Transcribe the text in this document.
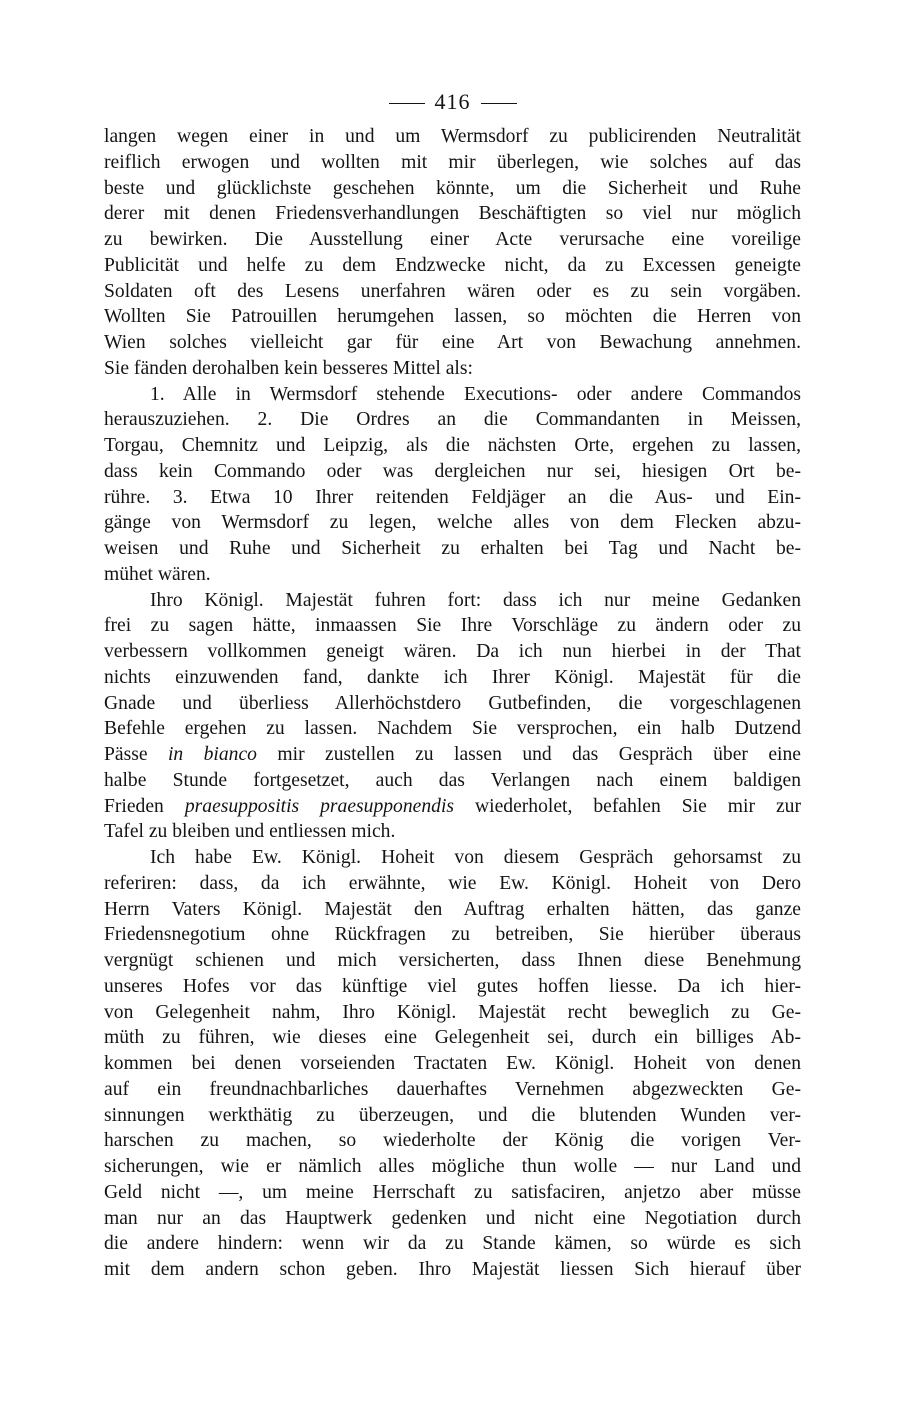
416
langen wegen einer in und um Wermsdorf zu publicirenden Neutralität
reiflich erwogen und wollten mit mir überlegen, wie solches auf das
beste und glücklichste geschehen könnte, um die Sicherheit und Ruhe
derer mit denen Friedensverhandlungen Beschäftigten so viel nur möglich
zu bewirken. Die Ausstellung einer Acte verursache eine voreilige
Publicität und helfe zu dem Endzwecke nicht, da zu Excessen geneigte
Soldaten oft des Lesens unerfahren wären oder es zu sein vorgäben.
Wollten Sie Patrouillen herumgehen lassen, so möchten die Herren von
Wien solches vielleicht gar für eine Art von Bewachung annehmen.
Sie fänden derohalben kein besseres Mittel als:
1. Alle in Wermsdorf stehende Executions- oder andere Commandos
herauszuziehen. 2. Die Ordres an die Commandanten in Meissen,
Torgau, Chemnitz und Leipzig, als die nächsten Orte, ergehen zu lassen,
dass kein Commando oder was dergleichen nur sei, hiesigen Ort be-
rühre. 3. Etwa 10 Ihrer reitenden Feldjäger an die Aus- und Ein-
gänge von Wermsdorf zu legen, welche alles von dem Flecken abzu-
weisen und Ruhe und Sicherheit zu erhalten bei Tag und Nacht be-
mühet wären.
Ihro Königl. Majestät fuhren fort: dass ich nur meine Gedanken
frei zu sagen hätte, inmaassen Sie Ihre Vorschläge zu ändern oder zu
verbessern vollkommen geneigt wären. Da ich nun hierbei in der That
nichts einzuwenden fand, dankte ich Ihrer Königl. Majestät für die
Gnade und überliess Allerhöchstdero Gutbefinden, die vorgeschlagenen
Befehle ergehen zu lassen. Nachdem Sie versprochen, ein halb Dutzend
Pässe in bianco mir zustellen zu lassen und das Gespräch über eine
halbe Stunde fortgesetzet, auch das Verlangen nach einem baldigen
Frieden praesuppositis praesupponendis wiederholet, befahlen Sie mir zur
Tafel zu bleiben und entliessen mich.
Ich habe Ew. Königl. Hoheit von diesem Gespräch gehorsamst zu
referiren: dass, da ich erwähnte, wie Ew. Königl. Hoheit von Dero
Herrn Vaters Königl. Majestät den Auftrag erhalten hätten, das ganze
Friedensnegotium ohne Rückfragen zu betreiben, Sie hierüber überaus
vergnügt schienen und mich versicherten, dass Ihnen diese Benehmung
unseres Hofes vor das künftige viel gutes hoffen liesse. Da ich hier-
von Gelegenheit nahm, Ihro Königl. Majestät recht beweglich zu Ge-
müth zu führen, wie dieses eine Gelegenheit sei, durch ein billiges Ab-
kommen bei denen vorseienden Tractaten Ew. Königl. Hoheit von denen
auf ein freundnachbarliches dauerhaftes Vernehmen abgezweckten Ge-
sinnungen werkthätig zu überzeugen, und die blutenden Wunden ver-
harschen zu machen, so wiederholte der König die vorigen Ver-
sicherungen, wie er nämlich alles mögliche thun wolle — nur Land und
Geld nicht —, um meine Herrschaft zu satisfaciren, anjetzo aber müsse
man nur an das Hauptwerk gedenken und nicht eine Negotiation durch
die andere hindern: wenn wir da zu Stande kämen, so würde es sich
mit dem andern schon geben. Ihro Majestät liessen Sich hierauf über
